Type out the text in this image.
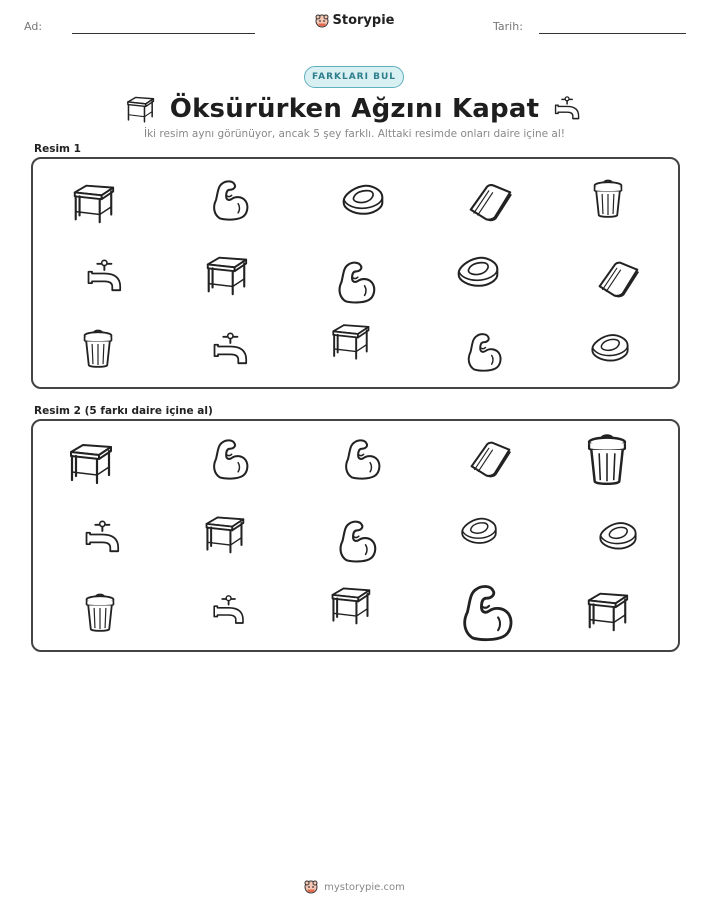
Ad:	Storypie	Tarih:
FARKLARI BUL
Öksürürken Ağzını Kapat
İki resim aynı görünüyor, ancak 5 şey farklı. Alttaki resimde onları daire içine al!
Resim 1
Resim 2 (5 farkı daire içine al)
mystorypie.com
